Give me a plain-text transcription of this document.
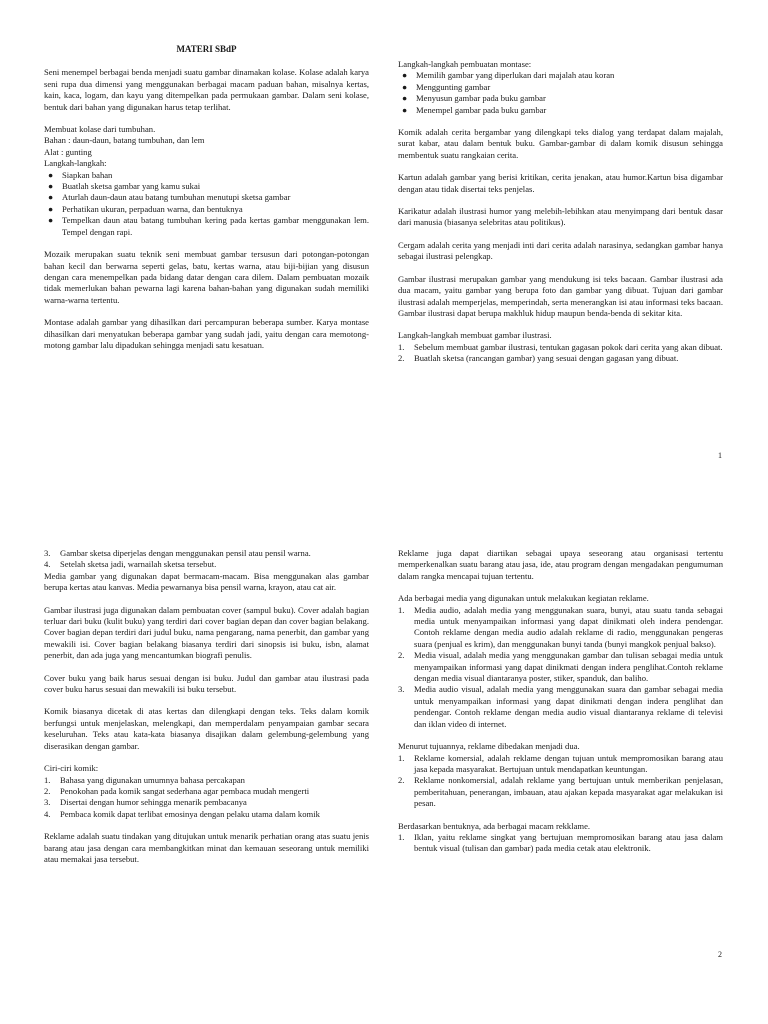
MATERI SBdP

Seni menempel berbagai benda menjadi suatu gambar dinamakan kolase. Kolase adalah karya seni rupa dua dimensi yang menggunakan berbagai macam paduan bahan, misalnya kertas, kain, kaca, logam, dan kayu yang ditempelkan pada permukaan gambar. Dalam seni kolase, bentuk dari bahan yang digunakan harus tetap terlihat.

Membuat kolase dari tumbuhan.
Bahan : daun-daun, batang tumbuhan, dan lem
Alat : gunting
Langkah-langkah:
● Siapkan bahan
● Buatlah sketsa gambar yang kamu sukai
● Aturlah daun-daun atau batang tumbuhan menutupi sketsa gambar
● Perhatikan ukuran, perpaduan warna, dan bentuknya
● Tempelkan daun atau batang tumbuhan kering pada kertas gambar menggunakan lem. Tempel dengan rapi.

Mozaik merupakan suatu teknik seni membuat gambar tersusun dari potongan-potongan bahan kecil dan berwarna seperti gelas, batu, kertas warna, atau biji-bijian yang disusun dengan cara menempelkan pada bidang datar dengan cara dilem. Dalam pembuatan mozaik tidak memerlukan bahan pewarna lagi karena bahan-bahan yang digunakan sudah memiliki warna-warna tertentu.

Montase adalah gambar yang dihasilkan dari percampuran beberapa sumber. Karya montase dihasilkan dari menyatukan beberapa gambar yang sudah jadi, yaitu dengan cara memotong-motong gambar lalu dipadukan sehingga menjadi satu kesatuan.

Langkah-langkah pembuatan montase:
● Memilih gambar yang diperlukan dari majalah atau koran
● Menggunting gambar
● Menyusun gambar pada buku gambar
● Menempel gambar pada buku gambar

Komik adalah cerita bergambar yang dilengkapi teks dialog yang terdapat dalam majalah, surat kabar, atau dalam bentuk buku. Gambar-gambar di dalam komik disusun sehingga membentuk suatu rangkaian cerita.

Kartun adalah gambar yang berisi kritikan, cerita jenakan, atau humor.Kartun bisa digambar dengan atau tidak disertai teks penjelas.

Karikatur adalah ilustrasi humor yang melebih-lebihkan atau menyimpang dari bentuk dasar dari manusia (biasanya selebritas atau politikus).

Cergam adalah cerita yang menjadi inti dari cerita adalah narasinya, sedangkan gambar hanya sebagai ilustrasi pelengkap.

Gambar ilustrasi merupakan gambar yang mendukung isi teks bacaan. Gambar ilustrasi ada dua macam, yaitu gambar yang berupa foto dan gambar yang dibuat. Tujuan dari gambar ilustrasi adalah memperjelas, memperindah, serta menerangkan isi atau informasi teks bacaan. Gambar ilustrasi dapat berupa makhluk hidup maupun benda-benda di sekitar kita.

Langkah-langkah membuat gambar ilustrasi.
1. Sebelum membuat gambar ilustrasi, tentukan gagasan pokok dari cerita yang akan dibuat.
2. Buatlah sketsa (rancangan gambar) yang sesuai dengan gagasan yang dibuat.
1
3. Gambar sketsa diperjelas dengan menggunakan pensil atau pensil warna.
4. Setelah sketsa jadi, warnailah sketsa tersebut.

Media gambar yang digunakan dapat bermacam-macam. Bisa menggunakan alas gambar berupa kertas atau kanvas. Media pewarnanya bisa pensil warna, krayon, atau cat air.

Gambar ilustrasi juga digunakan dalam pembuatan cover (sampul buku). Cover adalah bagian terluar dari buku (kulit buku) yang terdiri dari cover bagian depan dan cover bagian belakang. Cover bagian depan terdiri dari judul buku, nama pengarang, nama penerbit, dan gambar yang mewakili isi. Cover bagian belakang biasanya terdiri dari sinopsis isi buku, isbn, alamat penerbit, dan ada juga yang mencantumkan biografi penulis.

Cover buku yang baik harus sesuai dengan isi buku. Judul dan gambar atau ilustrasi pada cover buku harus sesuai dan mewakili isi buku tersebut.

Komik biasanya dicetak di atas kertas dan dilengkapi dengan teks. Teks dalam komik berfungsi untuk menjelaskan, melengkapi, dan memperdalam penyampaian gambar secara keseluruhan. Teks atau kata-kata biasanya disajikan dalam gelembung-gelembung yang diserasikan dengan gambar.

Ciri-ciri komik:
1. Bahasa yang digunakan umumnya bahasa percakapan
2. Penokohan pada komik sangat sederhana agar pembaca mudah mengerti
3. Disertai dengan humor sehingga menarik pembacanya
4. Pembaca komik dapat terlibat emosinya dengan pelaku utama dalam komik

Reklame adalah suatu tindakan yang ditujukan untuk menarik perhatian orang atas suatu jenis barang atau jasa dengan cara membangkitkan minat dan kemauan seseorang untuk memiliki atau memakai jasa tersebut.

Reklame juga dapat diartikan sebagai upaya seseorang atau organisasi tertentu memperkenalkan suatu barang atau jasa, ide, atau program dengan mengadakan pengumuman dalam rangka mencapai tujuan tertentu.

Ada berbagai media yang digunakan untuk melakukan kegiatan reklame.
1. Media audio, adalah media yang menggunakan suara, bunyi, atau suatu tanda sebagai media untuk menyampaikan informasi yang dapat dinikmati oleh indera pendengar. Contoh reklame dengan media audio adalah reklame di radio, menggunakan pengeras suara (penjual es krim), dan menggunakan bunyi tanda (bunyi mangkok penjual bakso).
2. Media visual, adalah media yang menggunakan gambar dan tulisan sebagai media untuk menyampaikan informasi yang dapat dinikmati dengan indera penglihat.Contoh reklame dengan media visual diantaranya poster, stiker, spanduk, dan baliho.
3. Media audio visual, adalah media yang menggunakan suara dan gambar sebagai media untuk menyampaikan informasi yang dapat dinikmati dengan indera penglihat dan pendengar. Contoh reklame dengan media audio visual diantaranya reklame di televisi dan iklan video di internet.
Menurut tujuannya, reklame dibedakan menjadi dua.
1. Reklame komersial, adalah reklame dengan tujuan untuk mempromosikan barang atau jasa kepada masyarakat. Bertujuan untuk mendapatkan keuntungan.
2. Reklame nonkomersial, adalah reklame yang bertujuan untuk memberikan penjelasan, pemberitahuan, penerangan, imbauan, atau ajakan kepada masyarakat agar melakukan isi pesan.
Berdasarkan bentuknya, ada berbagai macam rekklame.
1. Iklan, yaitu reklame singkat yang bertujuan mempromosikan barang atau jasa dalam bentuk visual (tulisan dan gambar) pada media cetak atau elektronik.
2
